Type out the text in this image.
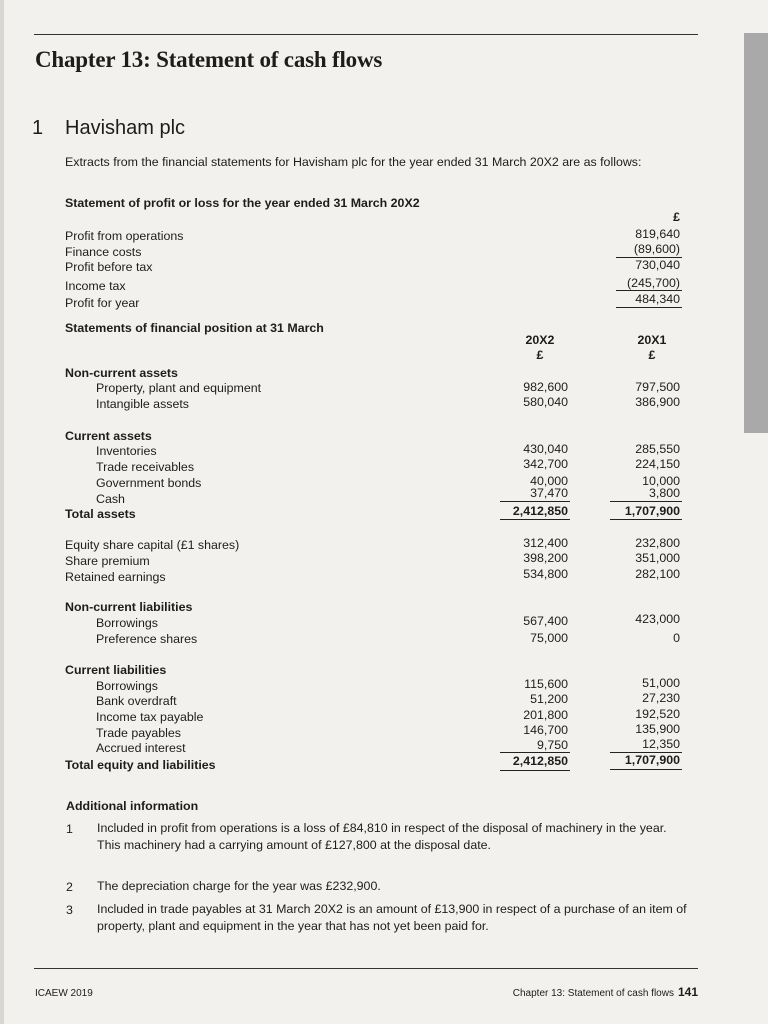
Chapter 13: Statement of cash flows
1 Havisham plc
Extracts from the financial statements for Havisham plc for the year ended 31 March 20X2 are as follows:
Statement of profit or loss for the year ended 31 March 20X2
£
Profit from operations	819,640
Finance costs	(89,600)
Profit before tax	730,040
Income tax	(245,700)
Profit for year	484,340
Statements of financial position at 31 March
20X2
£
20X1
£
Non-current assets
Property, plant and equipment	982,600	797,500
Intangible assets	580,040	386,900
Current assets
Inventories	430,040	285,550
Trade receivables	342,700	224,150
Government bonds	40,000	10,000
Cash	37,470	3,800
Total assets	2,412,850	1,707,900
Equity share capital (£1 shares)	312,400	232,800
Share premium	398,200	351,000
Retained earnings	534,800	282,100
Non-current liabilities
Borrowings	567,400	423,000
Preference shares	75,000	0
Current liabilities
Borrowings	115,600	51,000
Bank overdraft	51,200	27,230
Income tax payable	201,800	192,520
Trade payables	146,700	135,900
Accrued interest	9,750	12,350
Total equity and liabilities	2,412,850	1,707,900
Additional information
1 Included in profit from operations is a loss of £84,810 in respect of the disposal of machinery in the year. This machinery had a carrying amount of £127,800 at the disposal date.
2 The depreciation charge for the year was £232,900.
3 Included in trade payables at 31 March 20X2 is an amount of £13,900 in respect of a purchase of an item of property, plant and equipment in the year that has not yet been paid for.
ICAEW 2019	Chapter 13: Statement of cash flows 141
